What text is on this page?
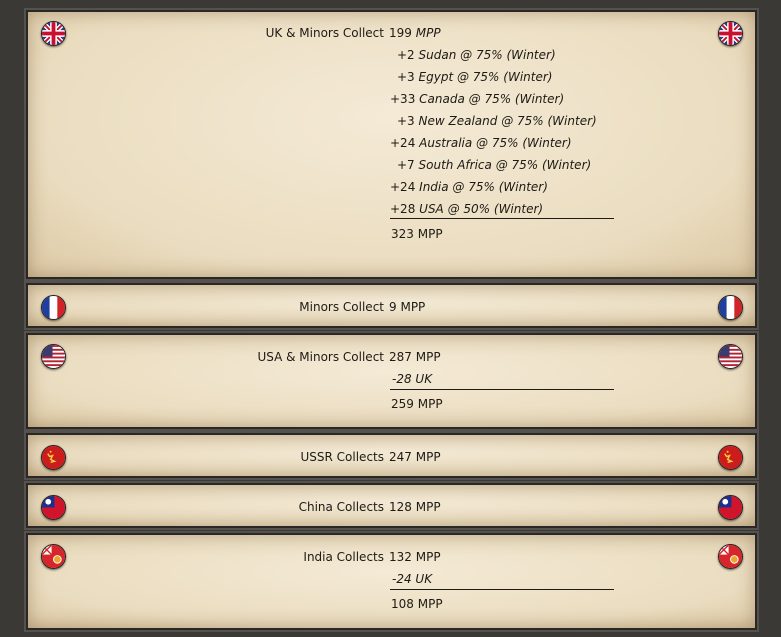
UK & Minors Collect 199 MPP
+2 Sudan @ 75% (Winter)
+3 Egypt @ 75% (Winter)
+33 Canada @ 75% (Winter)
+3 New Zealand @ 75% (Winter)
+24 Australia @ 75% (Winter)
+7 South Africa @ 75% (Winter)
+24 India @ 75% (Winter)
+28 USA @ 50% (Winter)
323 MPP
Minors Collect 9 MPP
USA & Minors Collect 287 MPP
-28 UK
259 MPP
USSR Collects 247 MPP
China Collects 128 MPP
India Collects 132 MPP
-24 UK
108 MPP
